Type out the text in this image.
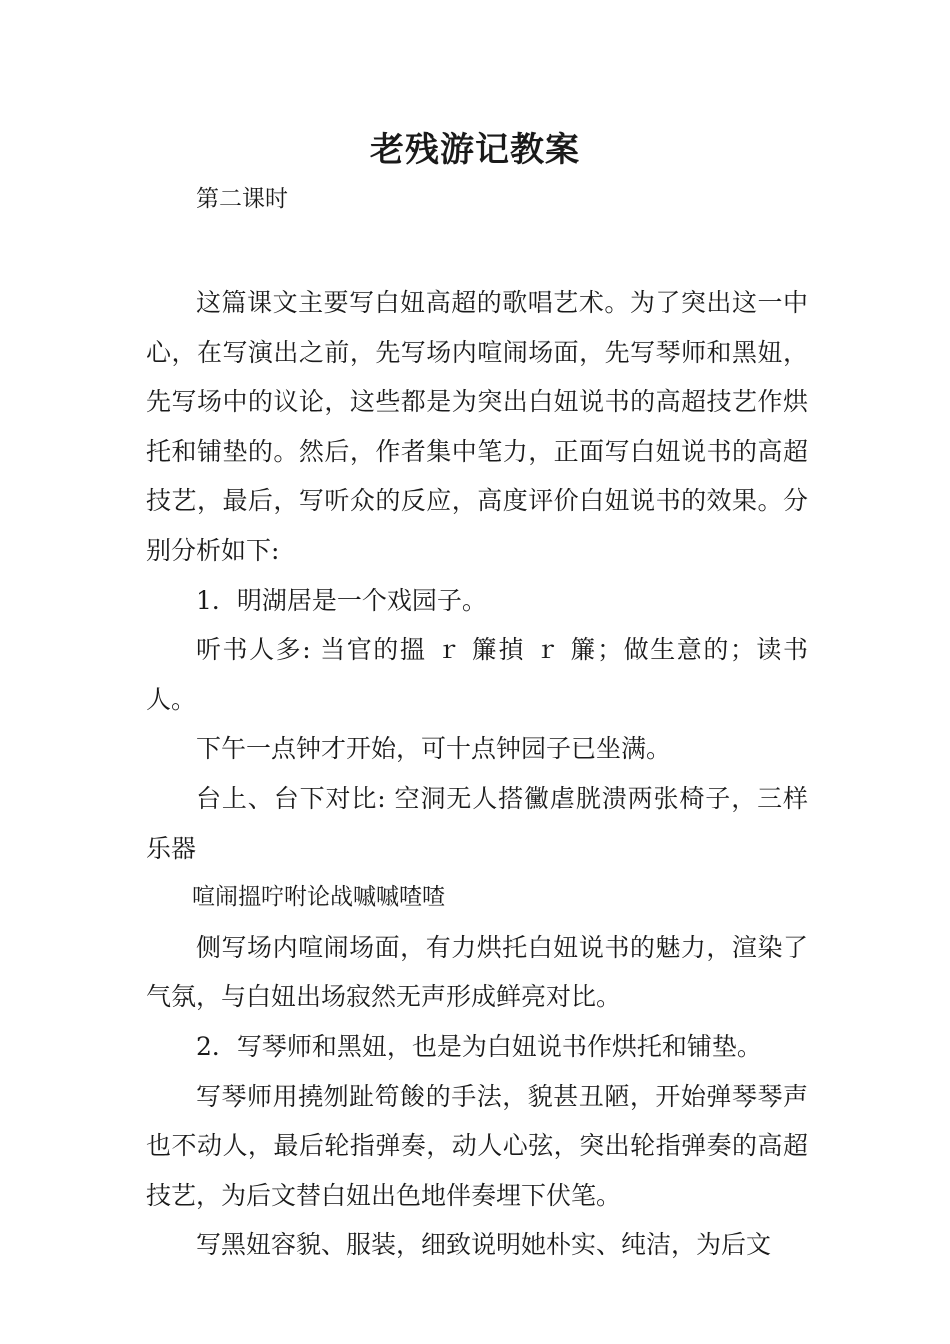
老残游记教案
第二课时

这篇课文主要写白妞高超的歌唱艺术。为了突出这一中心，在写演出之前，先写场内喧闹场面，先写琴师和黑妞，先写场中的议论，这些都是为突出白妞说书的高超技艺作烘托和铺垫的。然后，作者集中笔力，正面写白妞说书的高超技艺，最后，写听众的反应，高度评价白妞说书的效果。分别分析如下:

1．明湖居是一个戏园子。

听书人多: 当官的搵 ｒ 簾揁 ｒ 簾；做生意的；读书人。

下午一点钟才开始，可十点钟园子已坐满。

台上、台下对比: 空洞无人搭黴虐胱溃两张椅子，三样乐器

喧闹搵咛咐论战嘁嘁喳喳

侧写场内喧闹场面，有力烘托白妞说书的魅力，渲染了气氛，与白妞出场寂然无声形成鲜亮对比。

2．写琴师和黑妞，也是为白妞说书作烘托和铺垫。

写琴师用撓刎趾笱餕的手法，貌甚丑陋，开始弹琴琴声也不动人，最后轮指弹奏，动人心弦，突出轮指弹奏的高超技艺，为后文替白妞出色地伴奏埋下伏笔。

写黑妞容貌、服装，细致说明她朴实、纯洁，为后文
